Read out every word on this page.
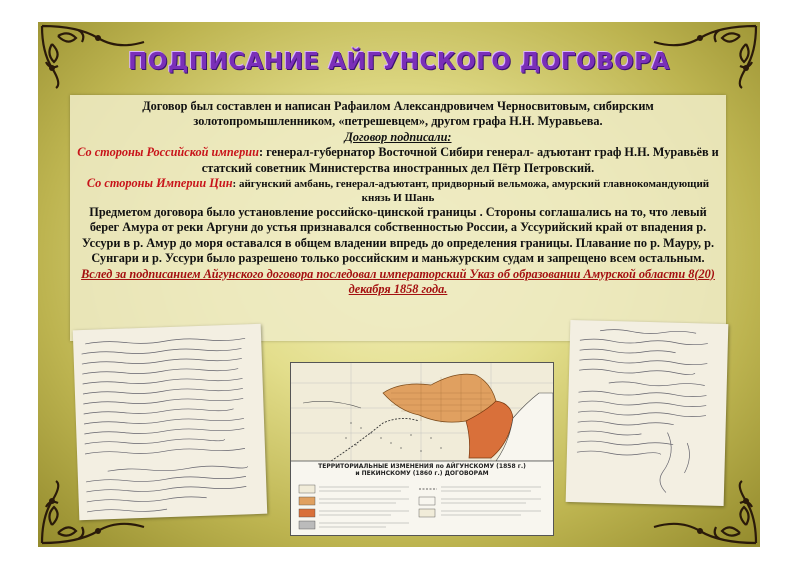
ПОДПИСАНИЕ АЙГУНСКОГО ДОГОВОРА

Договор был составлен и написан Рафаилом Александровичем Черносвитовым, сибирским золотопромышленником, «петрешевцем», другом графа Н.Н. Муравьева.

Договор подписали:

Со стороны Российской империи: генерал-губернатор Восточной Сибири генерал- адъютант граф Н.Н. Муравьёв и статский советник Министерства иностранных дел Пётр Петровский.

Со стороны Империи Цин: айгунский амбань, генерал-адъютант, придворный вельможа, амурский главнокомандующий князь И Шань

Предметом договора было установление российско-цинской границы . Стороны соглашались на то, что левый берег Амура от реки Аргуни до устья признавался собственностью России, а Уссурийский край от впадения р. Уссури в р. Амур до моря оставался в общем владении впредь до определения границы. Плавание по р. Мауру, р. Сунгари и р. Уссури было разрешено только российским и маньжурским судам и запрещено всем остальным.

Вслед за подписанием Айгунского договора последовал императорский Указ об образовании Амурской области 8(20) декабря 1858 года.

ТЕРРИТОРИАЛЬНЫЕ ИЗМЕНЕНИЯ по АЙГУНСКОМУ (1858 г.)
и ПЕКИНСКОМУ (1860 г.) ДОГОВОРАМ
